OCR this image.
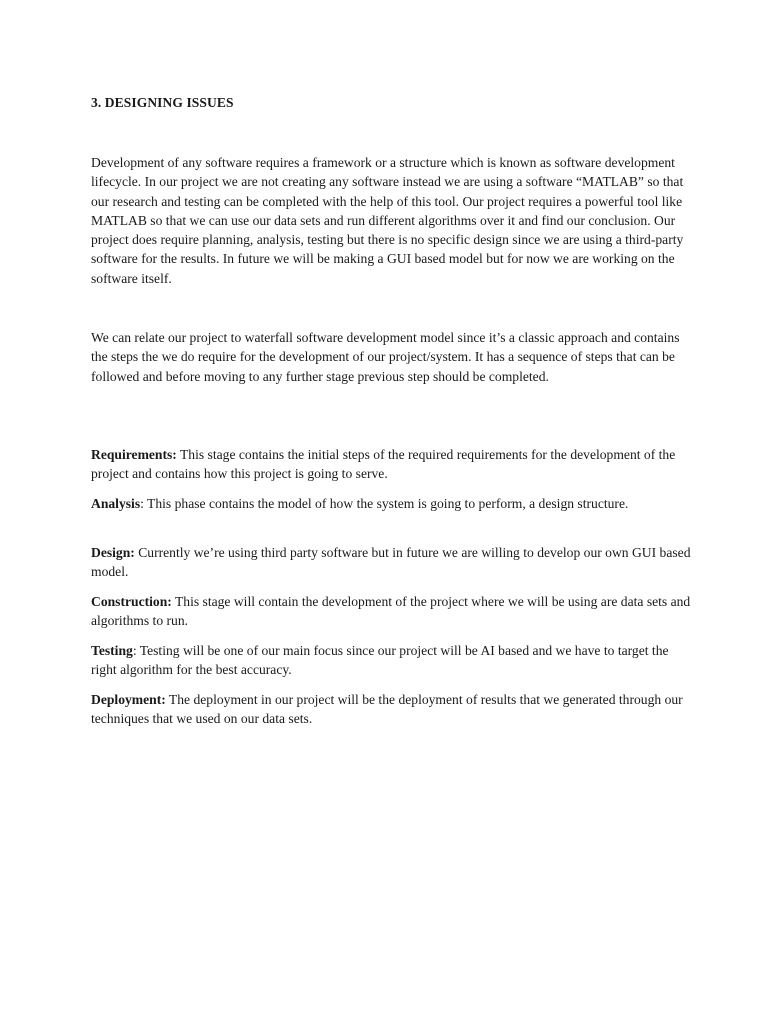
3. DESIGNING ISSUES

Development of any software requires a framework or a structure which is known as software development lifecycle. In our project we are not creating any software instead we are using a software “MATLAB” so that our research and testing can be completed with the help of this tool. Our project requires a powerful tool like MATLAB so that we can use our data sets and run different algorithms over it and find our conclusion. Our project does require planning, analysis, testing but there is no specific design since we are using a third-party software for the results. In future we will be making a GUI based model but for now we are working on the software itself.

We can relate our project to waterfall software development model since it’s a classic approach and contains the steps the we do require for the development of our project/system. It has a sequence of steps that can be followed and before moving to any further stage previous step should be completed.

Requirements: This stage contains the initial steps of the required requirements for the development of the project and contains how this project is going to serve.

Analysis: This phase contains the model of how the system is going to perform, a design structure.

Design: Currently we’re using third party software but in future we are willing to develop our own GUI based model.

Construction: This stage will contain the development of the project where we will be using are data sets and algorithms to run.

Testing: Testing will be one of our main focus since our project will be AI based and we have to target the right algorithm for the best accuracy.

Deployment: The deployment in our project will be the deployment of results that we generated through our techniques that we used on our data sets.
